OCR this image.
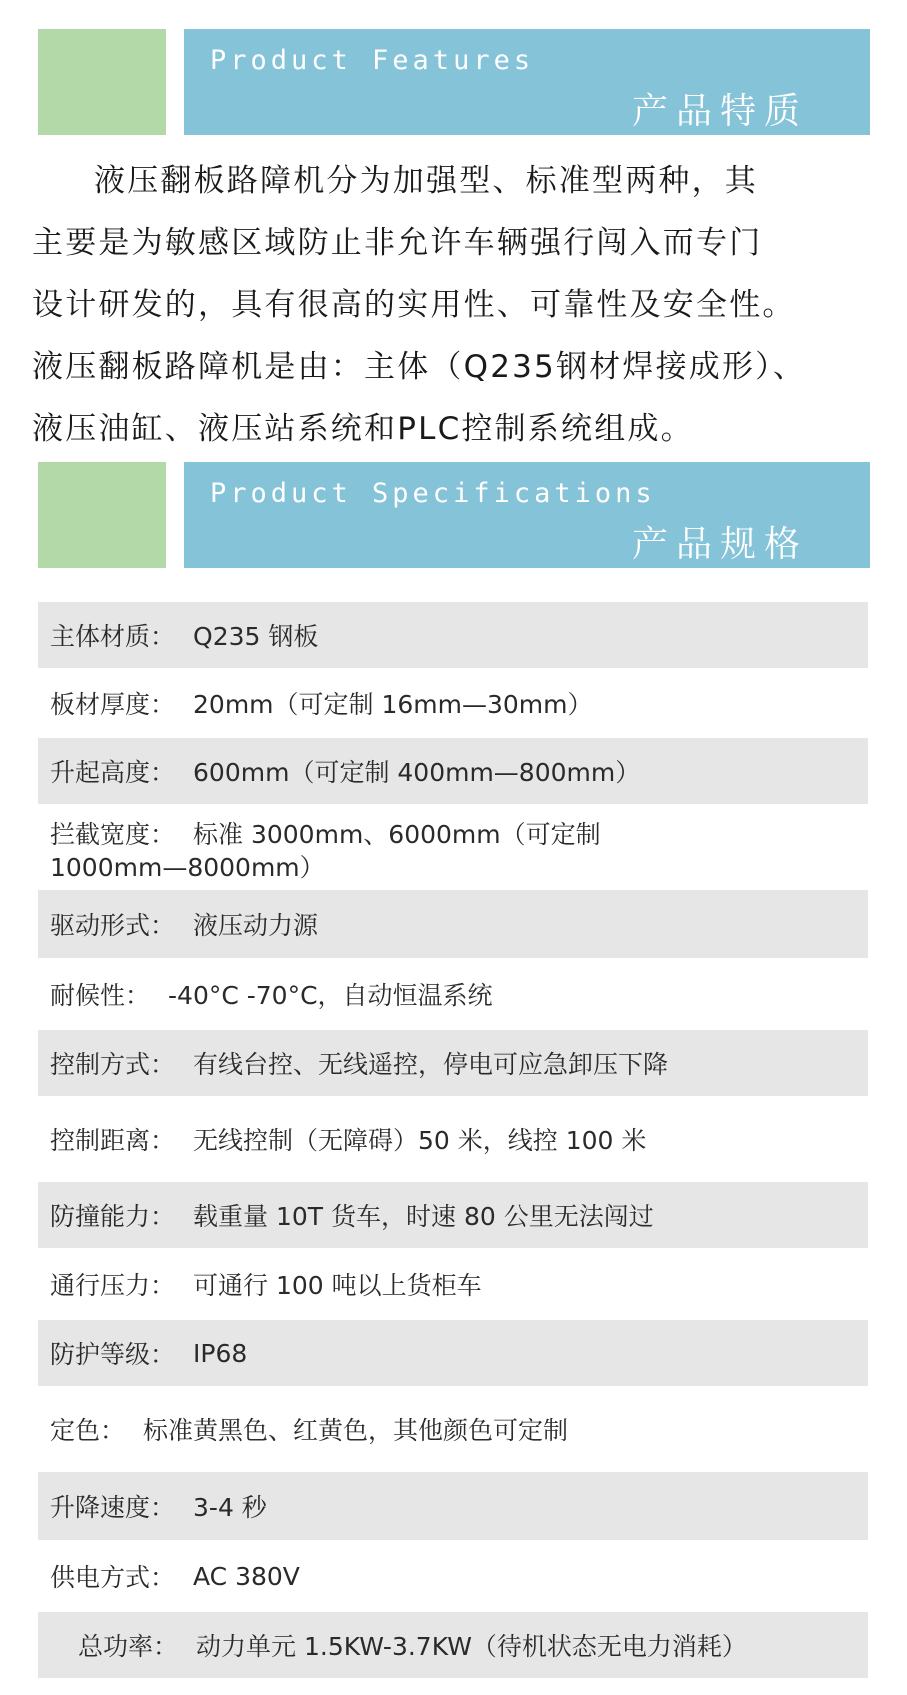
Product Features
产品特质

液压翻板路障机分为加强型、标准型两种，其
主要是为敏感区域防止非允许车辆强行闯入而专门
设计研发的，具有很高的实用性、可靠性及安全性。
液压翻板路障机是由：主体（Q235钢材焊接成形）、
液压油缸、液压站系统和PLC控制系统组成。

Product Specifications
产品规格
主体材质： Q235 钢板
板材厚度： 20mm（可定制 16mm—30mm）
升起高度： 600mm（可定制 400mm—800mm）
拦截宽度： 标准 3000mm、6000mm（可定制
1000mm—8000mm）
驱动形式： 液压动力源
耐候性： -40°C -70°C，自动恒温系统
控制方式： 有线台控、无线遥控，停电可应急卸压下降
控制距离： 无线控制（无障碍）50 米，线控 100 米
防撞能力： 载重量 10T 货车，时速 80 公里无法闯过
通行压力： 可通行 100 吨以上货柜车
防护等级： IP68
定色： 标准黄黑色、红黄色，其他颜色可定制
升降速度： 3-4 秒
供电方式： AC 380V
总功率： 动力单元 1.5KW-3.7KW（待机状态无电力消耗）
